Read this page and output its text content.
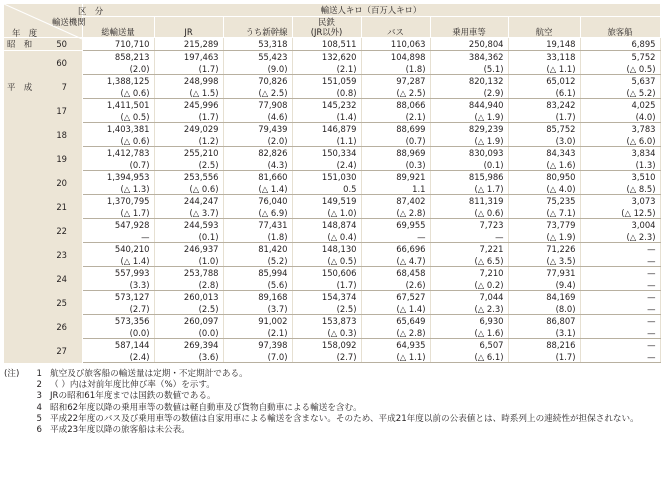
区　分
輸送機関
年　度	輸送人キロ（百万人キロ）							
	総輸送量	JR	うち新幹線	民鉄
(JR以外)	バス	乗用車等	航空	旅客船
昭　和 50	710,710	215,289	53,318	108,511	110,063	250,804	19,148	6,895
60	858,213	197,463	55,423	132,620	104,898	384,362	33,118	5,752
	(2.0)	(1.7)	(9.0)	(2.1)	(1.8)	(5.1)	(△ 1.1)	(△ 0.5)
平　成 7	1,388,125	248,998	70,826	151,059	97,287	820,132	65,012	5,637
	(△ 0.6)	(△ 1.5)	(△ 2.5)	(0.8)	(△ 2.5)	(2.9)	(6.1)	(△ 5.2)
17	1,411,501	245,996	77,908	145,232	88,066	844,940	83,242	4,025
	(△ 0.5)	(1.7)	(4.6)	(1.4)	(2.1)	(△ 1.9)	(1.7)	(4.0)
18	1,403,381	249,029	79,439	146,879	88,699	829,239	85,752	3,783
	(△ 0.6)	(1.2)	(2.0)	(1.1)	(0.7)	(△ 1.9)	(3.0)	(△ 6.0)
19	1,412,783	255,210	82,826	150,334	88,969	830,093	84,343	3,834
	(0.7)	(2.5)	(4.3)	(2.4)	(0.3)	(0.1)	(△ 1.6)	(1.3)
20	1,394,953	253,556	81,660	151,030	89,921	815,986	80,950	3,510
	(△ 1.3)	(△ 0.6)	(△ 1.4)	0.5	1.1	(△ 1.7)	(△ 4.0)	(△ 8.5)
21	1,370,795	244,247	76,040	149,519	87,402	811,319	75,235	3,073
	(△ 1.7)	(△ 3.7)	(△ 6.9)	(△ 1.0)	(△ 2.8)	(△ 0.6)	(△ 7.1)	(△ 12.5)
22	547,928	244,593	77,431	148,874	69,955	7,723	73,779	3,004
	—	(0.1)	(1.8)	(△ 0.4)	—	—	(△ 1.9)	(△ 2.3)
23	540,210	246,937	81,420	148,130	66,696	7,221	71,226	—
	(△ 1.4)	(1.0)	(5.2)	(△ 0.5)	(△ 4.7)	(△ 6.5)	(△ 3.5)	—
24	557,993	253,788	85,994	150,606	68,458	7,210	77,931	—
	(3.3)	(2.8)	(5.6)	(1.7)	(2.6)	(△ 0.2)	(9.4)	—
25	573,127	260,013	89,168	154,374	67,527	7,044	84,169	—
	(2.7)	(2.5)	(3.7)	(2.5)	(△ 1.4)	(△ 2.3)	(8.0)	—
26	573,356	260,097	91,002	153,873	65,649	6,930	86,807	—
	(0.0)	(0.0)	(2.1)	(△ 0.3)	(△ 2.8)	(△ 1.6)	(3.1)	—
27	587,144	269,394	97,398	158,092	64,935	6,507	88,216	—
	(2.4)	(3.6)	(7.0)	(2.7)	(△ 1.1)	(△ 6.1)	(1.7)	—
(注)	1 航空及び旅客船の輸送量は定期・不定期計である。
2 （ ）内は対前年度比伸び率（%）を示す。
3 JRの昭和61年度までは国鉄の数値である。
4 昭和62年度以降の乗用車等の数値は軽自動車及び貨物自動車による輸送を含む。
5 平成22年度のバス及び乗用車等の数値は自家用車による輸送を含まない。そのため、平成21年度以前の公表値とは、時系列上の連続性が担保されない。
6 平成23年度以降の旅客船は未公表。
